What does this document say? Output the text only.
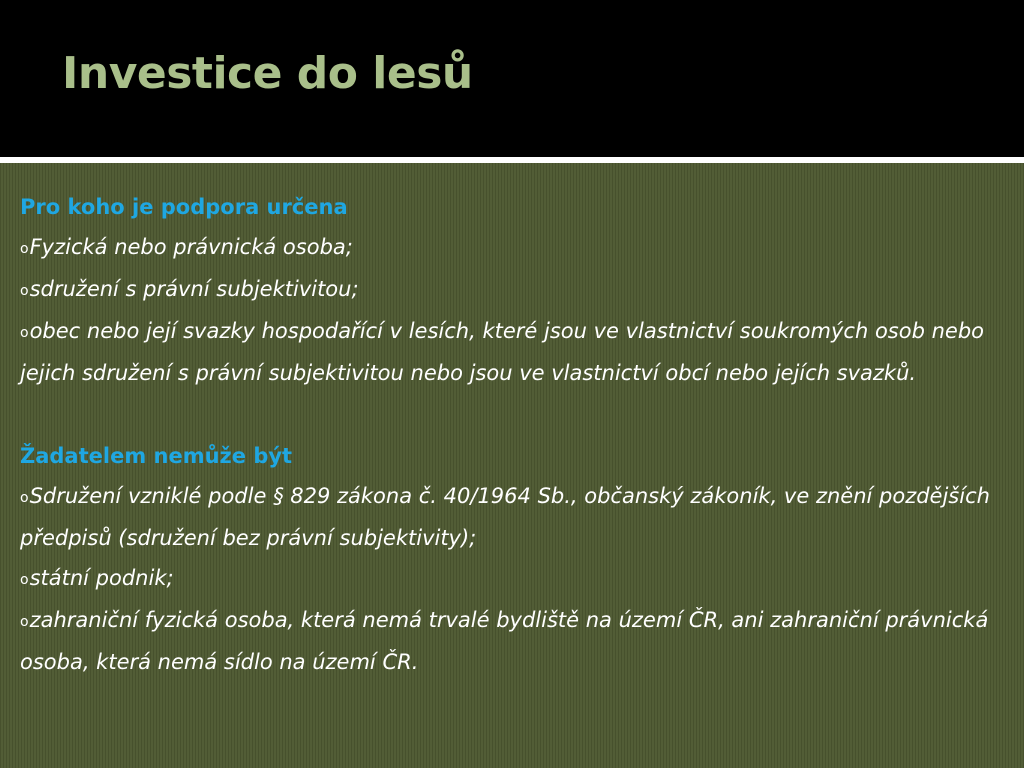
Investice do lesů
Pro koho je podpora určena
oFyzická nebo právnická osoba;
osdružení s právní subjektivitou;
oobec nebo její svazky hospodařící v lesích, které jsou ve vlastnictví soukromých osob nebo jejich sdružení s právní subjektivitou nebo jsou ve vlastnictví obcí nebo jejích svazků.
Žadatelem nemůže být
oSdružení vzniklé podle § 829 zákona č. 40/1964 Sb., občanský zákoník, ve znění pozdějších předpisů (sdružení bez právní subjektivity);
ostátní podnik;
ozahraniční fyzická osoba, která nemá trvalé bydliště na území ČR, ani zahraniční právnická osoba, která nemá sídlo na území ČR.
